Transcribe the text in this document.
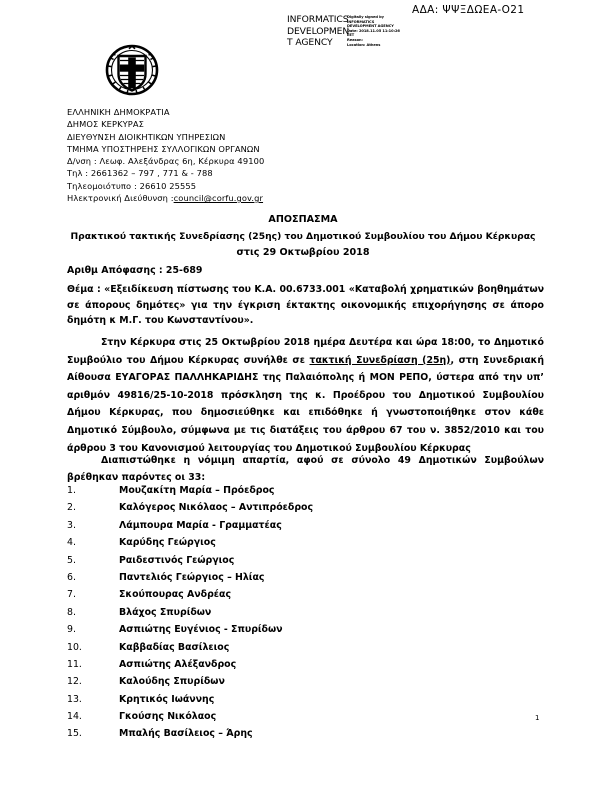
ΑΔΑ: ΨΨΞΔΩΕΑ-Ο21
INFORMATICS DEVELOPMEN T AGENCY
Digitally signed by
INFORMATICS
DEVELOPMENT AGENCY
Date: 2018.11.05 11:10:26
EET
Reason:
Location: Athens
ΕΛΛΗΝΙΚΗ ΔΗΜΟΚΡΑΤΙΑ
ΔΗΜΟΣ ΚΕΡΚΥΡΑΣ
ΔΙΕΥΘΥΝΣΗ ΔΙΟΙΚΗΤΙΚΩΝ ΥΠΗΡΕΣΙΩΝ
ΤΜΗΜΑ ΥΠΟΣΤΗΡΕΗΣ ΣΥΛΛΟΓΙΚΩΝ ΟΡΓΑΝΩΝ
Δ/νση : Λεωφ. Αλεξάνδρας 6η, Κέρκυρα 49100
Τηλ : 2661362 – 797 , 771 & - 788
Τηλεομοιότυπο : 26610 25555
Ηλεκτρονική Διεύθυνση :council@corfu.gov.gr
ΑΠΟΣΠΑΣΜΑ
Πρακτικού τακτικής Συνεδρίασης (25ης) του Δημοτικού Συμβουλίου του Δήμου Κέρκυρας
στις 29 Οκτωβρίου 2018
Αριθμ Απόφασης : 25-689
Θέμα : «Εξειδίκευση πίστωσης του Κ.Α. 00.6733.001 «Καταβολή χρηματικών βοηθημάτων σε άπορους δημότες» για την έγκριση έκτακτης οικονομικής επιχορήγησης σε άπορο δημότη κ Μ.Γ. του Κωνσταντίνου».
Στην Κέρκυρα στις 25 Οκτωβρίου 2018 ημέρα Δευτέρα και ώρα 18:00, το Δημοτικό Συμβούλιο του Δήμου Κέρκυρας συνήλθε σε τακτική Συνεδρίαση (25η), στη Συνεδριακή Αίθουσα ΕΥΑΓΟΡΑΣ ΠΑΛΛΗΚΑΡΙΔΗΣ της Παλαιόπολης ή ΜΟΝ ΡΕΠΟ, ύστερα από την υπ’ αριθμόν 49816/25-10-2018 πρόσκληση της κ. Προέδρου του Δημοτικού Συμβουλίου Δήμου Κέρκυρας, που δημοσιεύθηκε και επιδόθηκε ή γνωστοποιήθηκε στον κάθε Δημοτικό Σύμβουλο, σύμφωνα με τις διατάξεις του άρθρου 67 του ν. 3852/2010 και του άρθρου 3 του Κανονισμού λειτουργίας του Δημοτικού Συμβουλίου Κέρκυρας
Διαπιστώθηκε η νόμιμη απαρτία, αφού σε σύνολο 49 Δημοτικών Συμβούλων βρέθηκαν παρόντες οι 33:
1.	Μουζακίτη Μαρία – Πρόεδρος
2.	Καλόγερος Νικόλαος – Αντιπρόεδρος
3.	Λάμπουρα Μαρία - Γραμματέας
4.	Καρύδης Γεώργιος
5.	Ραιδεστινός Γεώργιος
6.	Παντελιός Γεώργιος – Ηλίας
7.	Σκούπουρας Ανδρέας
8.	Βλάχος Σπυρίδων
9.	Ασπιώτης Ευγένιος - Σπυρίδων
10.	Καββαδίας Βασίλειος
11.	Ασπιώτης Αλέξανδρος
12.	Καλούδης Σπυρίδων
13.	Κρητικός Ιωάννης
14.	Γκούσης Νικόλαος
15.	Μπαλής Βασίλειος – Άρης
1
